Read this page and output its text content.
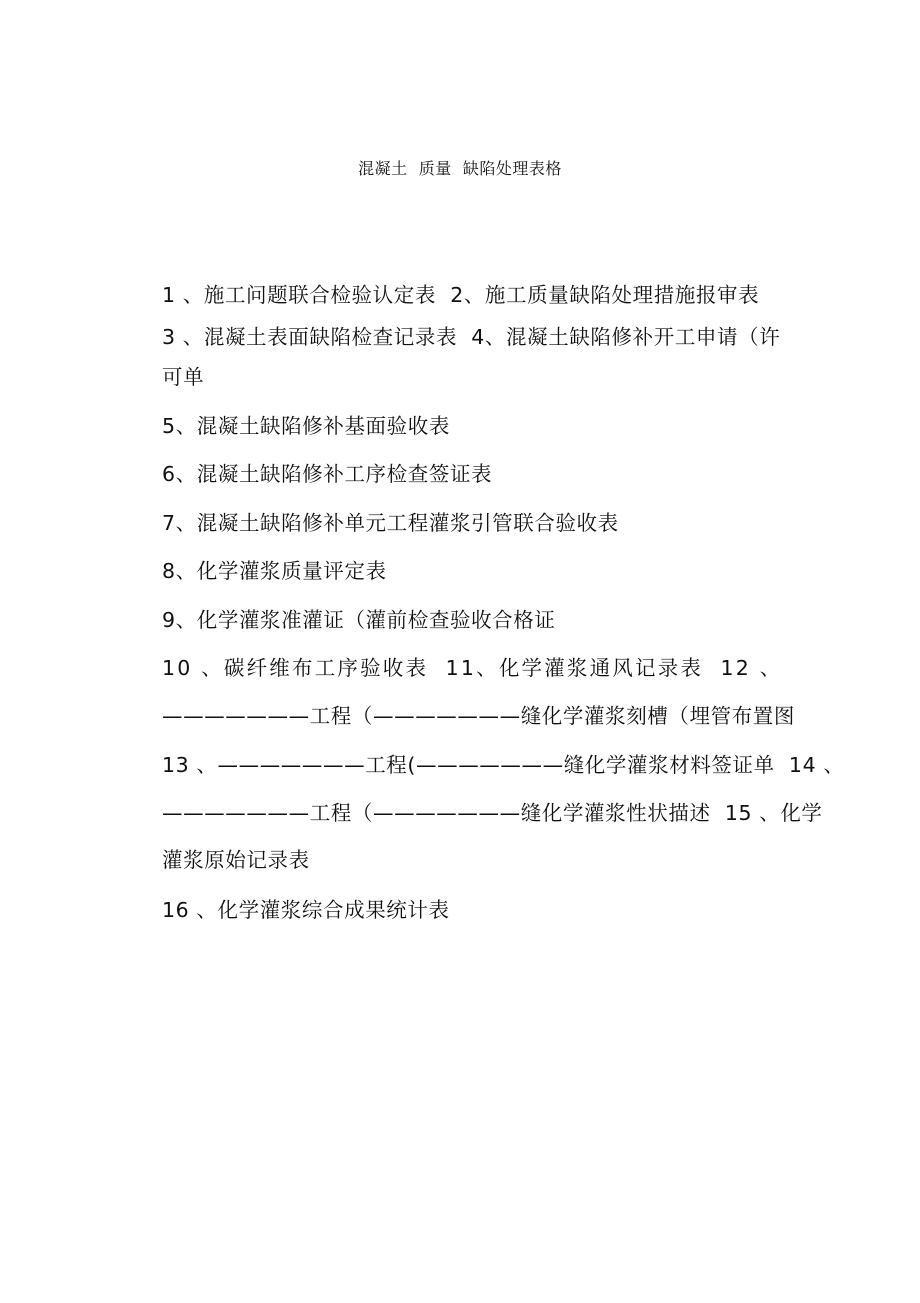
混凝土  质量  缺陷处理表格
1 、施工问题联合检验认定表  2、施工质量缺陷处理措施报审表
3 、混凝土表面缺陷检查记录表  4、混凝土缺陷修补开工申请（许
可单
5、混凝土缺陷修补基面验收表
6、混凝土缺陷修补工序检查签证表
7、混凝土缺陷修补单元工程灌浆引管联合验收表
8、化学灌浆质量评定表
9、化学灌浆准灌证（灌前检查验收合格证
10 、碳纤维布工序验收表  11、化学灌浆通风记录表  12 、
———————工程（———————缝化学灌浆刻槽（埋管布置图
13 、———————工程(———————缝化学灌浆材料签证单  14 、
———————工程（———————缝化学灌浆性状描述  15 、化学
灌浆原始记录表
16 、化学灌浆综合成果统计表
